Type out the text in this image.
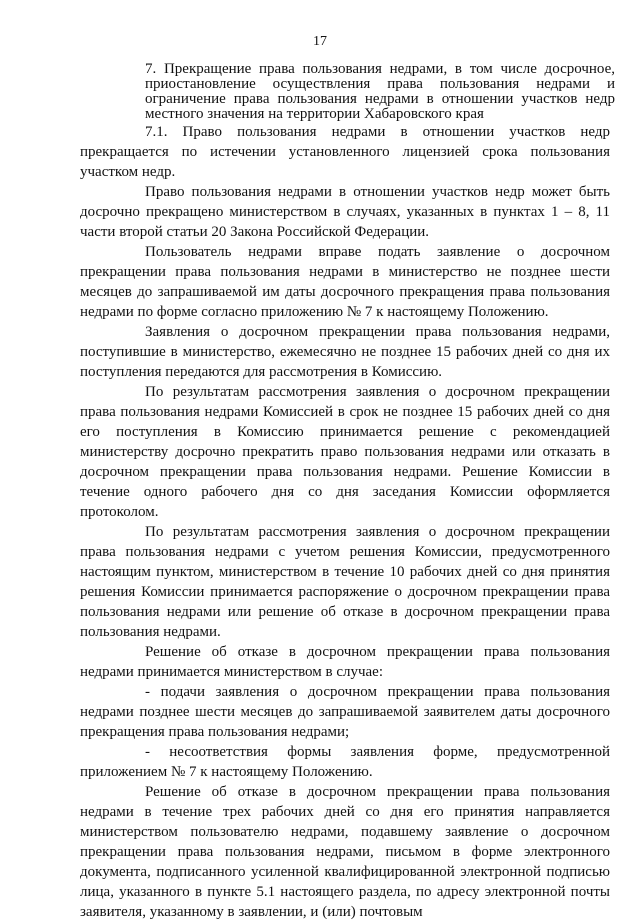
17
7. Прекращение права пользования недрами, в том числе досрочное, приостановление осуществления права пользования недрами и ограничение права пользования недрами в отношении участков недр местного значения на территории Хабаровского края

7.1. Право пользования недрами в отношении участков недр прекращается по истечении установленного лицензией срока пользования участком недр.

Право пользования недрами в отношении участков недр может быть досрочно прекращено министерством в случаях, указанных в пунктах 1 – 8, 11 части второй статьи 20 Закона Российской Федерации.

Пользователь недрами вправе подать заявление о досрочном прекращении права пользования недрами в министерство не позднее шести месяцев до запрашиваемой им даты досрочного прекращения права пользования недрами по форме согласно приложению № 7 к настоящему Положению.

Заявления о досрочном прекращении права пользования недрами, поступившие в министерство, ежемесячно не позднее 15 рабочих дней со дня их поступления передаются для рассмотрения в Комиссию.

По результатам рассмотрения заявления о досрочном прекращении права пользования недрами Комиссией в срок не позднее 15 рабочих дней со дня его поступления в Комиссию принимается решение с рекомендацией министерству досрочно прекратить право пользования недрами или отказать в досрочном прекращении права пользования недрами. Решение Комиссии в течение одного рабочего дня со дня заседания Комиссии оформляется протоколом.

По результатам рассмотрения заявления о досрочном прекращении права пользования недрами с учетом решения Комиссии, предусмотренного настоящим пунктом, министерством в течение 10 рабочих дней со дня принятия решения Комиссии принимается распоряжение о досрочном прекращении права пользования недрами или решение об отказе в досрочном прекращении права пользования недрами.

Решение об отказе в досрочном прекращении права пользования недрами принимается министерством в случае:

- подачи заявления о досрочном прекращении права пользования недрами позднее шести месяцев до запрашиваемой заявителем даты досрочного прекращения права пользования недрами;

- несоответствия формы заявления форме, предусмотренной приложением № 7 к настоящему Положению.

Решение об отказе в досрочном прекращении права пользования недрами в течение трех рабочих дней со дня его принятия направляется министерством пользователю недрами, подавшему заявление о досрочном прекращении права пользования недрами, письмом в форме электронного документа, подписанного усиленной квалифицированной электронной подписью лица, указанного в пункте 5.1 настоящего раздела, по адресу электронной почты заявителя, указанному в заявлении, и (или) почтовым
